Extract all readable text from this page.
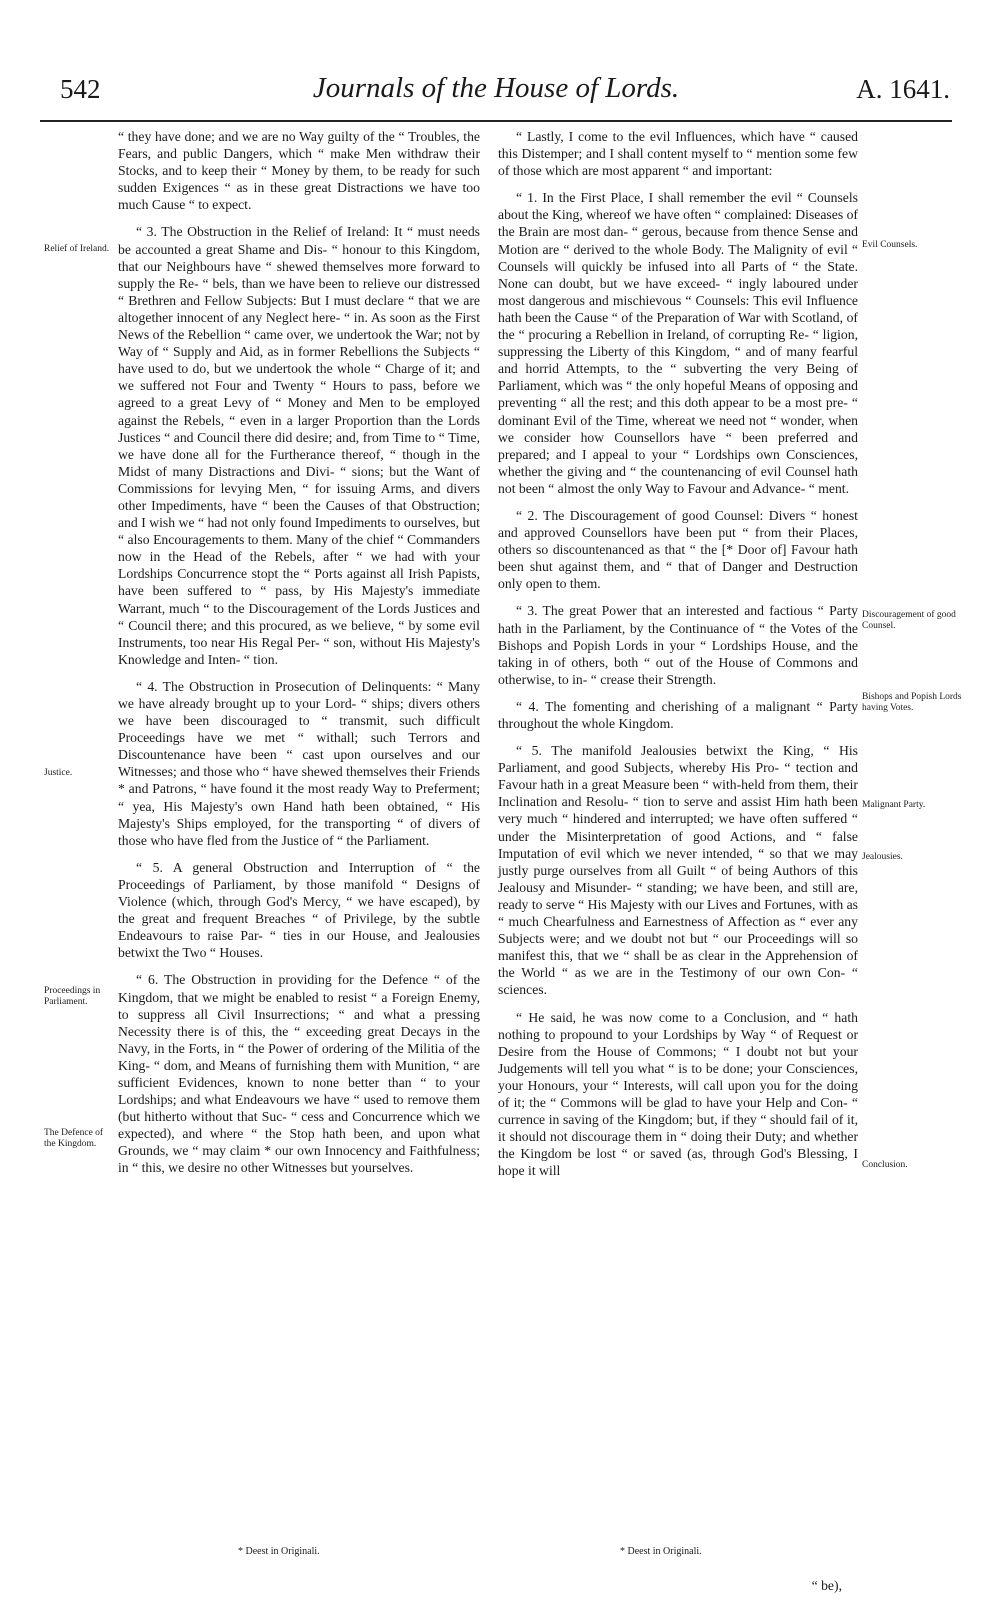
542	Journals of the House of Lords.	A. 1641.
Relief of Ireland.
Justice.
Proceedings in Parliament.
The Defence of the Kingdom.
Evil Counsels.
Discouragement of good Counsel.
Bishops and Popish Lords having Votes.
Malignant Party.
Jealousies.
Conclusion.

“ they have done; and we are no Way guilty of the “ Troubles, the Fears, and public Dangers, which “ make Men withdraw their Stocks, and to keep their “ Money by them, to be ready for such sudden Exigences “ as in these great Distractions we have too much Cause “ to expect.

“ 3. The Obstruction in the Relief of Ireland: It “ must needs be accounted a great Shame and Dis- “ honour to this Kingdom, that our Neighbours have “ shewed themselves more forward to supply the Re- “ bels, than we have been to relieve our distressed “ Brethren and Fellow Subjects: But I must declare “ that we are altogether innocent of any Neglect here- “ in. As soon as the First News of the Rebellion “ came over, we undertook the War; not by Way of “ Supply and Aid, as in former Rebellions the Subjects “ have used to do, but we undertook the whole “ Charge of it; and we suffered not Four and Twenty “ Hours to pass, before we agreed to a great Levy of “ Money and Men to be employed against the Rebels, “ even in a larger Proportion than the Lords Justices “ and Council there did desire; and, from Time to “ Time, we have done all for the Furtherance thereof, “ though in the Midst of many Distractions and Divi- “ sions; but the Want of Commissions for levying Men, “ for issuing Arms, and divers other Impediments, have “ been the Causes of that Obstruction; and I wish we “ had not only found Impediments to ourselves, but “ also Encouragements to them. Many of the chief “ Commanders now in the Head of the Rebels, after “ we had with your Lordships Concurrence stopt the “ Ports against all Irish Papists, have been suffered to “ pass, by His Majesty's immediate Warrant, much “ to the Discouragement of the Lords Justices and “ Council there; and this procured, as we believe, “ by some evil Instruments, too near His Regal Per- “ son, without His Majesty's Knowledge and Inten- “ tion.

“ 4. The Obstruction in Prosecution of Delinquents: “ Many we have already brought up to your Lord- “ ships; divers others we have been discouraged to “ transmit, such difficult Proceedings have we met “ withall; such Terrors and Discountenance have been “ cast upon ourselves and our Witnesses; and those who “ have shewed themselves their Friends * and Patrons, “ have found it the most ready Way to Preferment; “ yea, His Majesty's own Hand hath been obtained, “ His Majesty's Ships employed, for the transporting “ of divers of those who have fled from the Justice of “ the Parliament.

“ 5. A general Obstruction and Interruption of “ the Proceedings of Parliament, by those manifold “ Designs of Violence (which, through God's Mercy, “ we have escaped), by the great and frequent Breaches “ of Privilege, by the subtle Endeavours to raise Par- “ ties in our House, and Jealousies betwixt the Two “ Houses.

“ 6. The Obstruction in providing for the Defence “ of the Kingdom, that we might be enabled to resist “ a Foreign Enemy, to suppress all Civil Insurrections; “ and what a pressing Necessity there is of this, the “ exceeding great Decays in the Navy, in the Forts, in “ the Power of ordering of the Militia of the King- “ dom, and Means of furnishing them with Munition, “ are sufficient Evidences, known to none better than “ to your Lordships; and what Endeavours we have “ used to remove them (but hitherto without that Suc- “ cess and Concurrence which we expected), and where “ the Stop hath been, and upon what Grounds, we “ may claim * our own Innocency and Faithfulness; in “ this, we desire no other Witnesses but yourselves.

“ Lastly, I come to the evil Influences, which have “ caused this Distemper; and I shall content myself to “ mention some few of those which are most apparent “ and important:

“ 1. In the First Place, I shall remember the evil “ Counsels about the King, whereof we have often “ complained: Diseases of the Brain are most dan- “ gerous, because from thence Sense and Motion are “ derived to the whole Body. The Malignity of evil “ Counsels will quickly be infused into all Parts of “ the State. None can doubt, but we have exceed- “ ingly laboured under most dangerous and mischievous “ Counsels: This evil Influence hath been the Cause “ of the Preparation of War with Scotland, of the “ procuring a Rebellion in Ireland, of corrupting Re- “ ligion, suppressing the Liberty of this Kingdom, “ and of many fearful and horrid Attempts, to the “ subverting the very Being of Parliament, which was “ the only hopeful Means of opposing and preventing “ all the rest; and this doth appear to be a most pre- “ dominant Evil of the Time, whereat we need not “ wonder, when we consider how Counsellors have “ been preferred and prepared; and I appeal to your “ Lordships own Consciences, whether the giving and “ the countenancing of evil Counsel hath not been “ almost the only Way to Favour and Advance- “ ment.

“ 2. The Discouragement of good Counsel: Divers “ honest and approved Counsellors have been put “ from their Places, others so discountenanced as that “ the [* Door of] Favour hath been shut against them, and “ that of Danger and Destruction only open to them.

“ 3. The great Power that an interested and factious “ Party hath in the Parliament, by the Continuance of “ the Votes of the Bishops and Popish Lords in your “ Lordships House, and the taking in of others, both “ out of the House of Commons and otherwise, to in- “ crease their Strength.

“ 4. The fomenting and cherishing of a malignant “ Party throughout the whole Kingdom.

“ 5. The manifold Jealousies betwixt the King, “ His Parliament, and good Subjects, whereby His Pro- “ tection and Favour hath in a great Measure been “ with-held from them, their Inclination and Resolu- “ tion to serve and assist Him hath been very much “ hindered and interrupted; we have often suffered “ under the Misinterpretation of good Actions, and “ false Imputation of evil which we never intended, “ so that we may justly purge ourselves from all Guilt “ of being Authors of this Jealousy and Misunder- “ standing; we have been, and still are, ready to serve “ His Majesty with our Lives and Fortunes, with as “ much Chearfulness and Earnestness of Affection as “ ever any Subjects were; and we doubt not but “ our Proceedings will so manifest this, that we “ shall be as clear in the Apprehension of the World “ as we are in the Testimony of our own Con- “ sciences.

“ He said, he was now come to a Conclusion, and “ hath nothing to propound to your Lordships by Way “ of Request or Desire from the House of Commons; “ I doubt not but your Judgements will tell you what “ is to be done; your Consciences, your Honours, your “ Interests, will call upon you for the doing of it; the “ Commons will be glad to have your Help and Con- “ currence in saving of the Kingdom; but, if they “ should fail of it, it should not discourage them in “ doing their Duty; and whether the Kingdom be lost “ or saved (as, through God's Blessing, I hope it will

* Deest in Originali.	* Deest in Originali.
“ be),
